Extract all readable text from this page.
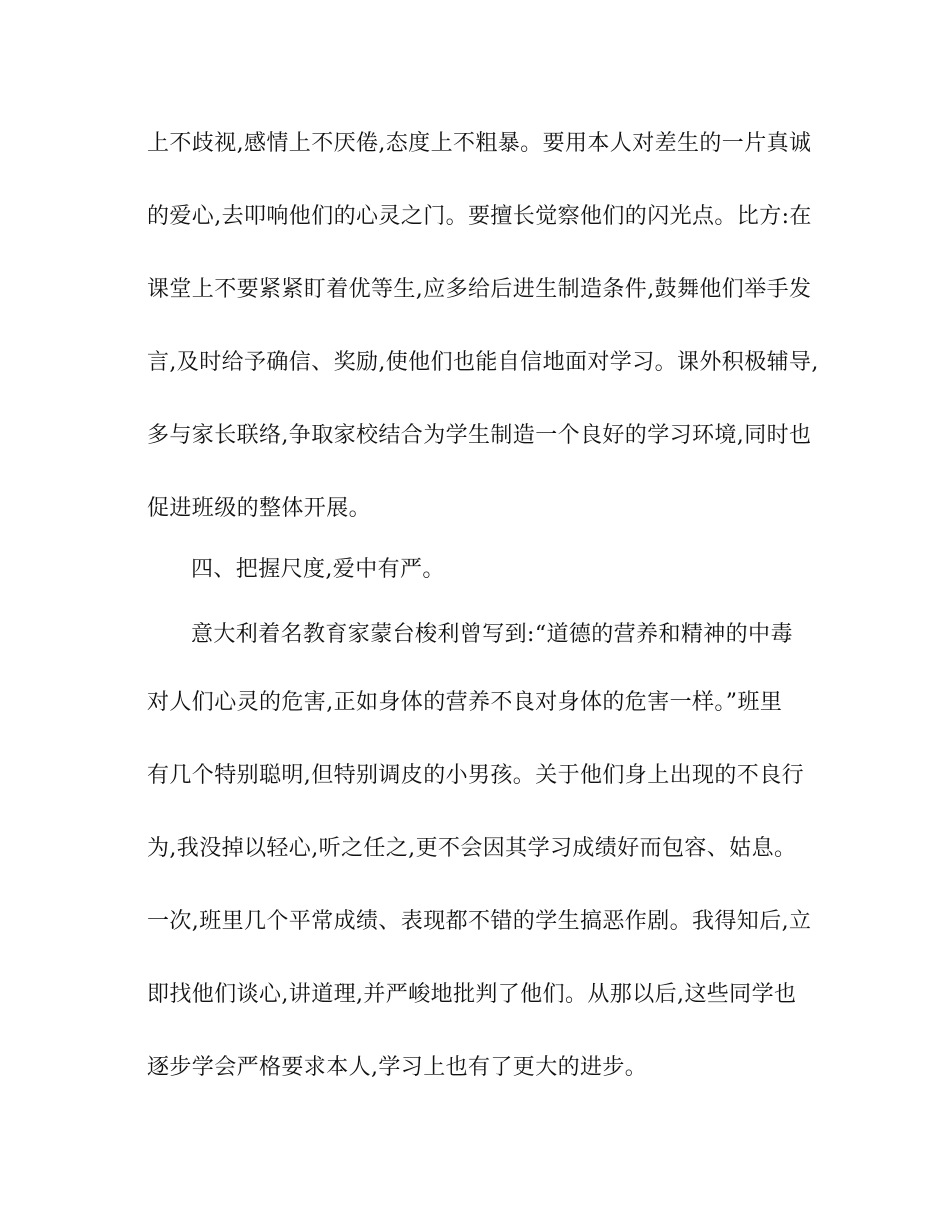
上不歧视,感情上不厌倦,态度上不粗暴。要用本人对差生的一片真诚
的爱心,去叩响他们的心灵之门。要擅长觉察他们的闪光点。比方:在
课堂上不要紧紧盯着优等生,应多给后进生制造条件,鼓舞他们举手发
言,及时给予确信、奖励,使他们也能自信地面对学习。课外积极辅导,
多与家长联络,争取家校结合为学生制造一个良好的学习环境,同时也
促进班级的整体开展。
四、把握尺度,爱中有严。
意大利着名教育家蒙台梭利曾写到:“道德的营养和精神的中毒
对人们心灵的危害,正如身体的营养不良对身体的危害一样。”班里
有几个特别聪明,但特别调皮的小男孩。关于他们身上出现的不良行
为,我没掉以轻心,听之任之,更不会因其学习成绩好而包容、姑息。
一次,班里几个平常成绩、表现都不错的学生搞恶作剧。我得知后,立
即找他们谈心,讲道理,并严峻地批判了他们。从那以后,这些同学也
逐步学会严格要求本人,学习上也有了更大的进步。
